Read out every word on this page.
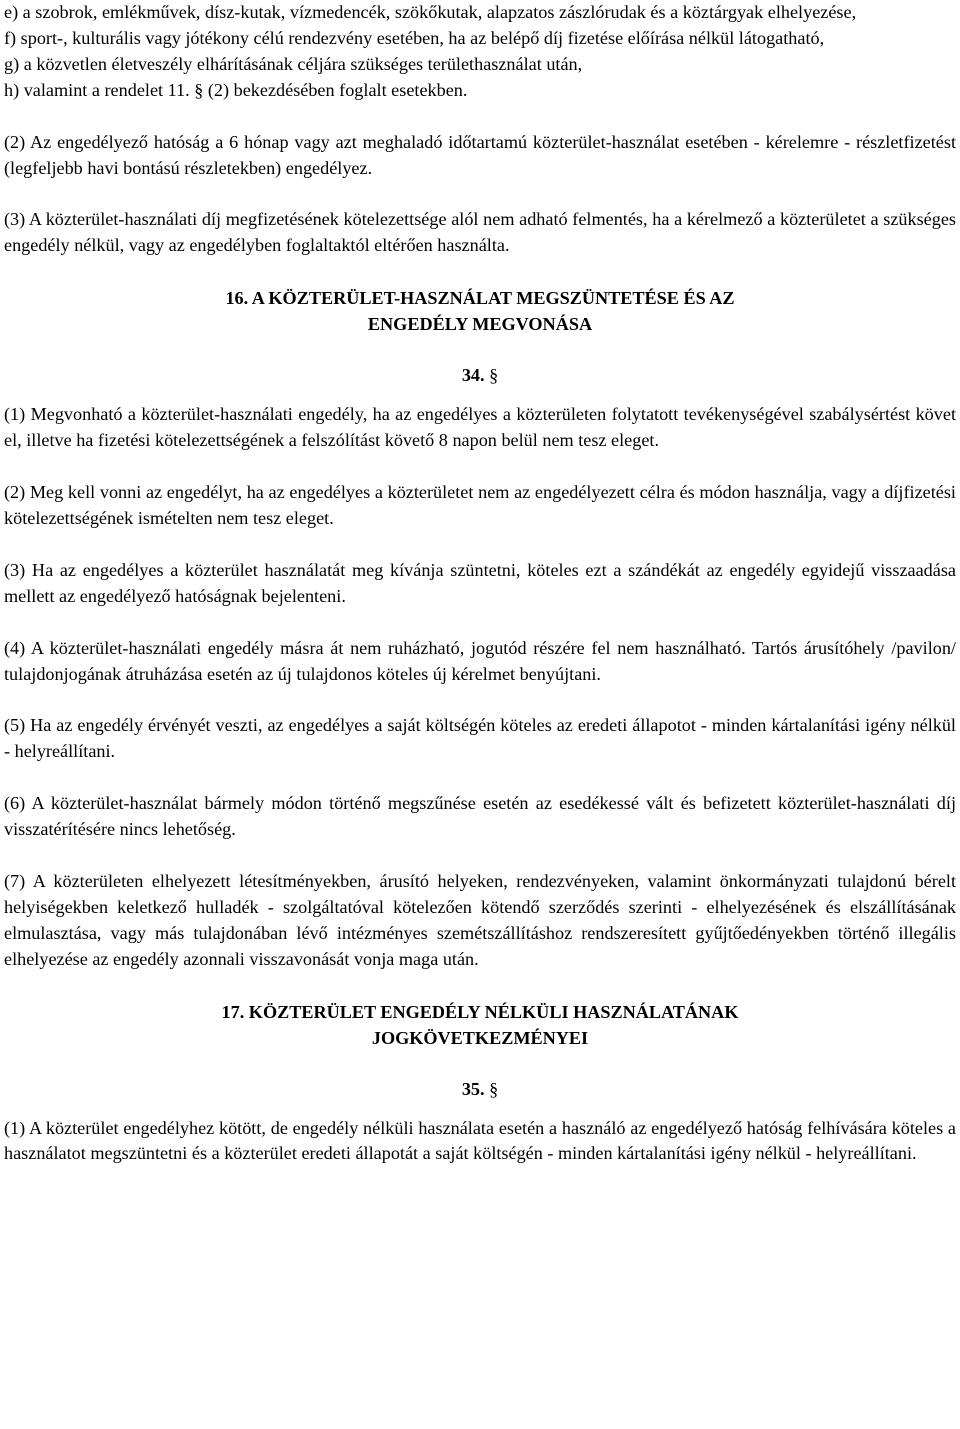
e) a szobrok, emlékművek, dísz-kutak, vízmedencék, szökőkutak, alapzatos zászlórudak és a köztárgyak elhelyezése,
f) sport-, kulturális vagy jótékony célú rendezvény esetében, ha az belépő díj fizetése előírása nélkül látogatható,
g) a közvetlen életveszély elhárításának céljára szükséges területhasználat után,
h) valamint a rendelet 11. § (2) bekezdésében foglalt esetekben.

(2) Az engedélyező hatóság a 6 hónap vagy azt meghaladó időtartamú közterület-használat esetében - kérelemre - részletfizetést (legfeljebb havi bontású részletekben) engedélyez.

(3) A közterület-használati díj megfizetésének kötelezettsége alól nem adható felmentés, ha a kérelmező a közterületet a szükséges engedély nélkül, vagy az engedélyben foglaltaktól eltérően használta.

16. A KÖZTERÜLET-HASZNÁLAT MEGSZÜNTETÉSE ÉS AZ
ENGEDÉLY MEGVONÁSA
34. §

(1) Megvonható a közterület-használati engedély, ha az engedélyes a közterületen folytatott tevékenységével szabálysértést követ el, illetve ha fizetési kötelezettségének a felszólítást követő 8 napon belül nem tesz eleget.

(2) Meg kell vonni az engedélyt, ha az engedélyes a közterületet nem az engedélyezett célra és módon használja, vagy a díjfizetési kötelezettségének ismételten nem tesz eleget.

(3) Ha az engedélyes a közterület használatát meg kívánja szüntetni, köteles ezt a szándékát az engedély egyidejű visszaadása mellett az engedélyező hatóságnak bejelenteni.

(4) A közterület-használati engedély másra át nem ruházható, jogutód részére fel nem használható. Tartós árusítóhely /pavilon/ tulajdonjogának átruházása esetén az új tulajdonos köteles új kérelmet benyújtani.

(5) Ha az engedély érvényét veszti, az engedélyes a saját költségén köteles az eredeti állapotot - minden kártalanítási igény nélkül - helyreállítani.

(6) A közterület-használat bármely módon történő megszűnése esetén az esedékessé vált és befizetett közterület-használati díj visszatérítésére nincs lehetőség.

(7) A közterületen elhelyezett létesítményekben, árusító helyeken, rendezvényeken, valamint önkormányzati tulajdonú bérelt helyiségekben keletkező hulladék - szolgáltatóval kötelezően kötendő szerződés szerinti - elhelyezésének és elszállításának elmulasztása, vagy más tulajdonában lévő intézményes szemétszállításhoz rendszeresített gyűjtőedényekben történő illegális elhelyezése az engedély azonnali visszavonását vonja maga után.

17. KÖZTERÜLET ENGEDÉLY NÉLKÜLI HASZNÁLATÁNAK
JOGKÖVETKEZMÉNYEI
35. §

(1) A közterület engedélyhez kötött, de engedély nélküli használata esetén a használó az engedélyező hatóság felhívására köteles a használatot megszüntetni és a közterület eredeti állapotát a saját költségén - minden kártalanítási igény nélkül - helyreállítani.
